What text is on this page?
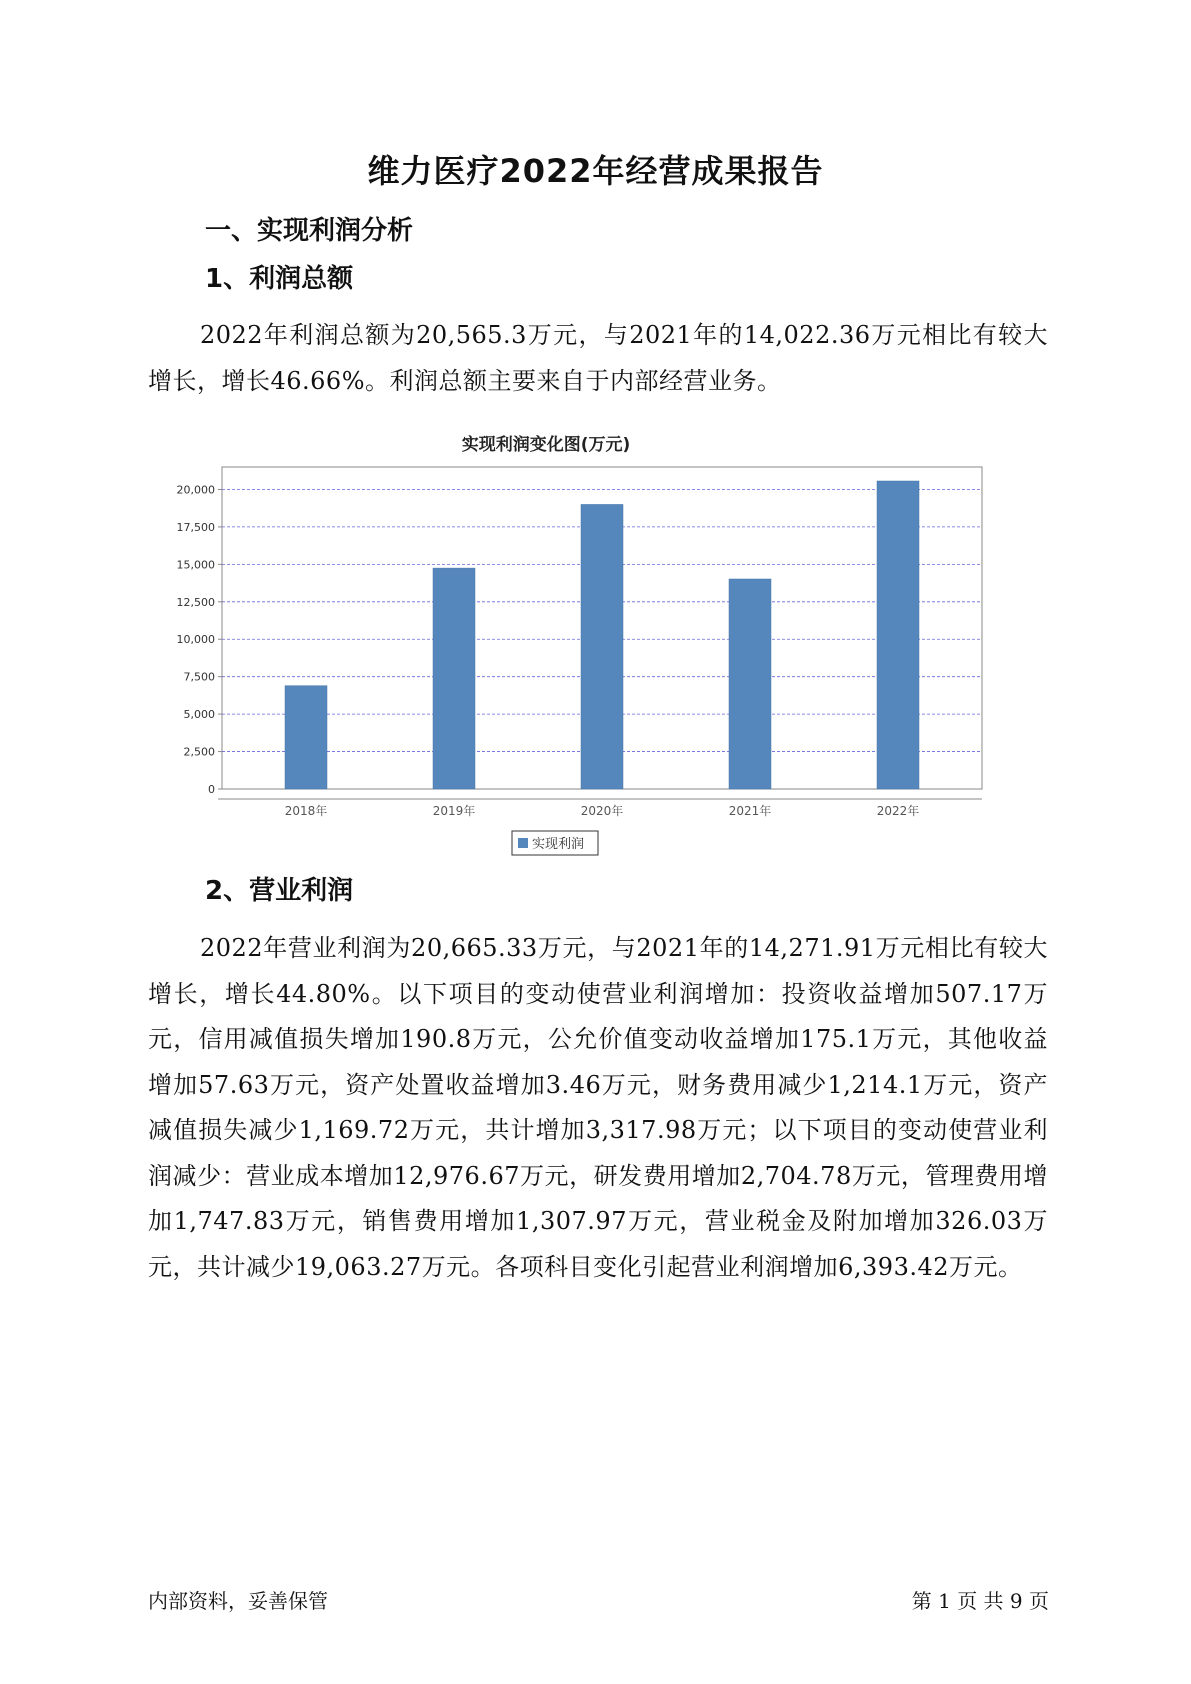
维力医疗2022年经营成果报告
一、实现利润分析
1、利润总额

2022年利润总额为20,565.3万元，与2021年的14,022.36万元相比有较大增长，增长46.66%。利润总额主要来自于内部经营业务。

实现利润变化图(万元)
0
2,500
5,000
7,500
10,000
12,500
15,000
17,500
20,000
2018年	2019年	2020年	2021年	2022年
实现利润
2、营业利润

2022年营业利润为20,665.33万元，与2021年的14,271.91万元相比有较大增长，增长44.80%。以下项目的变动使营业利润增加：投资收益增加507.17万元，信用减值损失增加190.8万元，公允价值变动收益增加175.1万元，其他收益增加57.63万元，资产处置收益增加3.46万元，财务费用减少1,214.1万元，资产减值损失减少1,169.72万元，共计增加3,317.98万元；以下项目的变动使营业利润减少：营业成本增加12,976.67万元，研发费用增加2,704.78万元，管理费用增加1,747.83万元，销售费用增加1,307.97万元，营业税金及附加增加326.03万元，共计减少19,063.27万元。各项科目变化引起营业利润增加6,393.42万元。

内部资料，妥善保管	第 1 页 共 9 页
